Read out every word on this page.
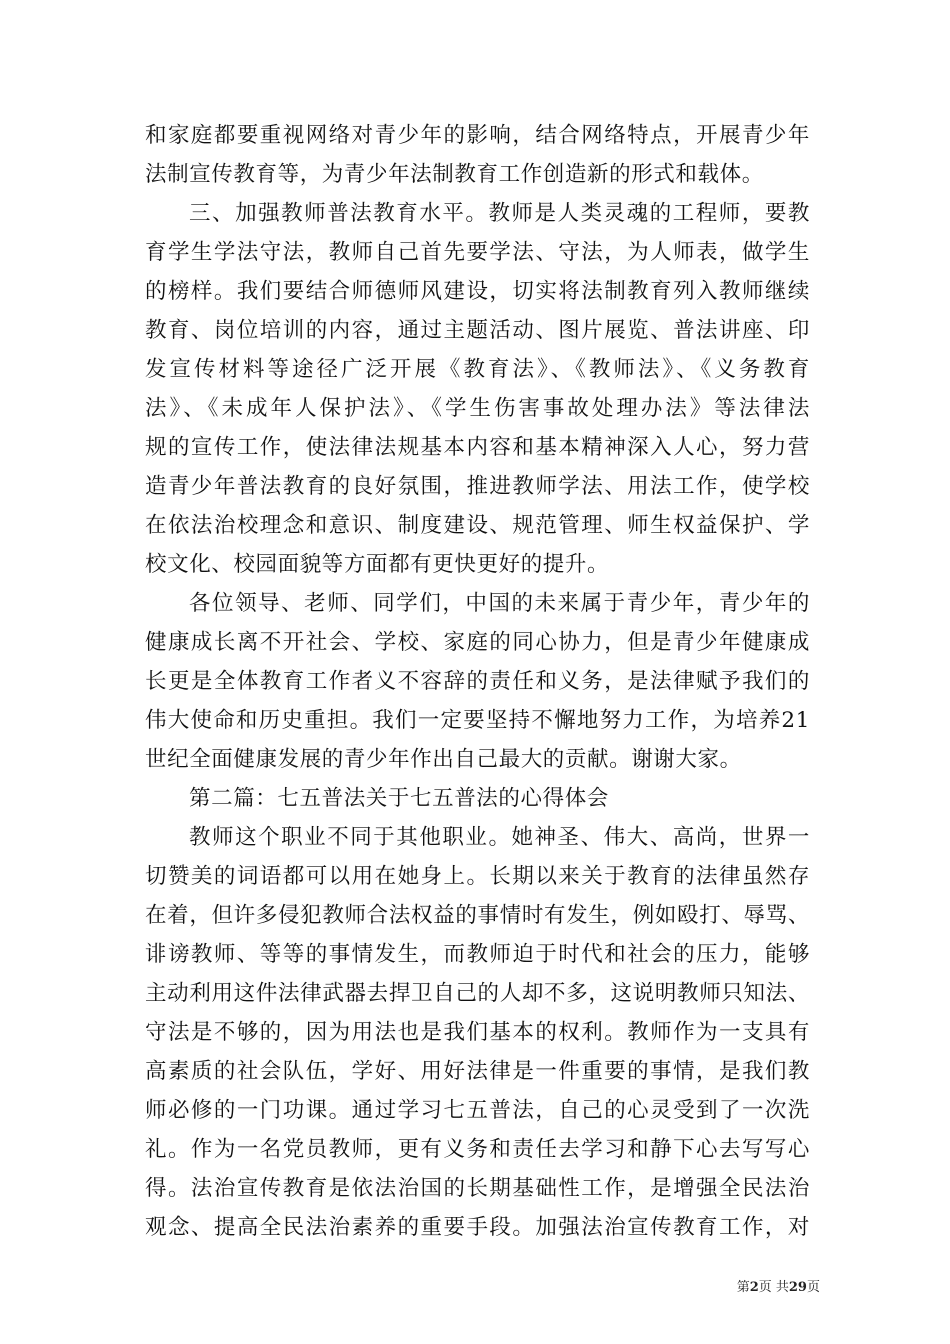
和家庭都要重视网络对青少年的影响，结合网络特点，开展青少年
法制宣传教育等，为青少年法制教育工作创造新的形式和载体。
三、加强教师普法教育水平。教师是人类灵魂的工程师，要教
育学生学法守法，教师自己首先要学法、守法，为人师表，做学生
的榜样。我们要结合师德师风建设，切实将法制教育列入教师继续
教育、岗位培训的内容，通过主题活动、图片展览、普法讲座、印
发宣传材料等途径广泛开展《教育法》、《教师法》、《义务教育
法》、《未成年人保护法》、《学生伤害事故处理办法》等法律法
规的宣传工作，使法律法规基本内容和基本精神深入人心，努力营
造青少年普法教育的良好氛围，推进教师学法、用法工作，使学校
在依法治校理念和意识、制度建设、规范管理、师生权益保护、学
校文化、校园面貌等方面都有更快更好的提升。
各位领导、老师、同学们，中国的未来属于青少年，青少年的
健康成长离不开社会、学校、家庭的同心协力，但是青少年健康成
长更是全体教育工作者义不容辞的责任和义务，是法律赋予我们的
伟大使命和历史重担。我们一定要坚持不懈地努力工作，为培养21
世纪全面健康发展的青少年作出自己最大的贡献。谢谢大家。
第二篇：七五普法关于七五普法的心得体会
教师这个职业不同于其他职业。她神圣、伟大、高尚，世界一
切赞美的词语都可以用在她身上。长期以来关于教育的法律虽然存
在着，但许多侵犯教师合法权益的事情时有发生，例如殴打、辱骂、
诽谤教师、等等的事情发生，而教师迫于时代和社会的压力，能够
主动利用这件法律武器去捍卫自己的人却不多，这说明教师只知法、
守法是不够的，因为用法也是我们基本的权利。教师作为一支具有
高素质的社会队伍，学好、用好法律是一件重要的事情，是我们教
师必修的一门功课。通过学习七五普法，自己的心灵受到了一次洗
礼。作为一名党员教师，更有义务和责任去学习和静下心去写写心
得。法治宣传教育是依法治国的长期基础性工作，是增强全民法治
观念、提高全民法治素养的重要手段。加强法治宣传教育工作，对
第2页 共29页
